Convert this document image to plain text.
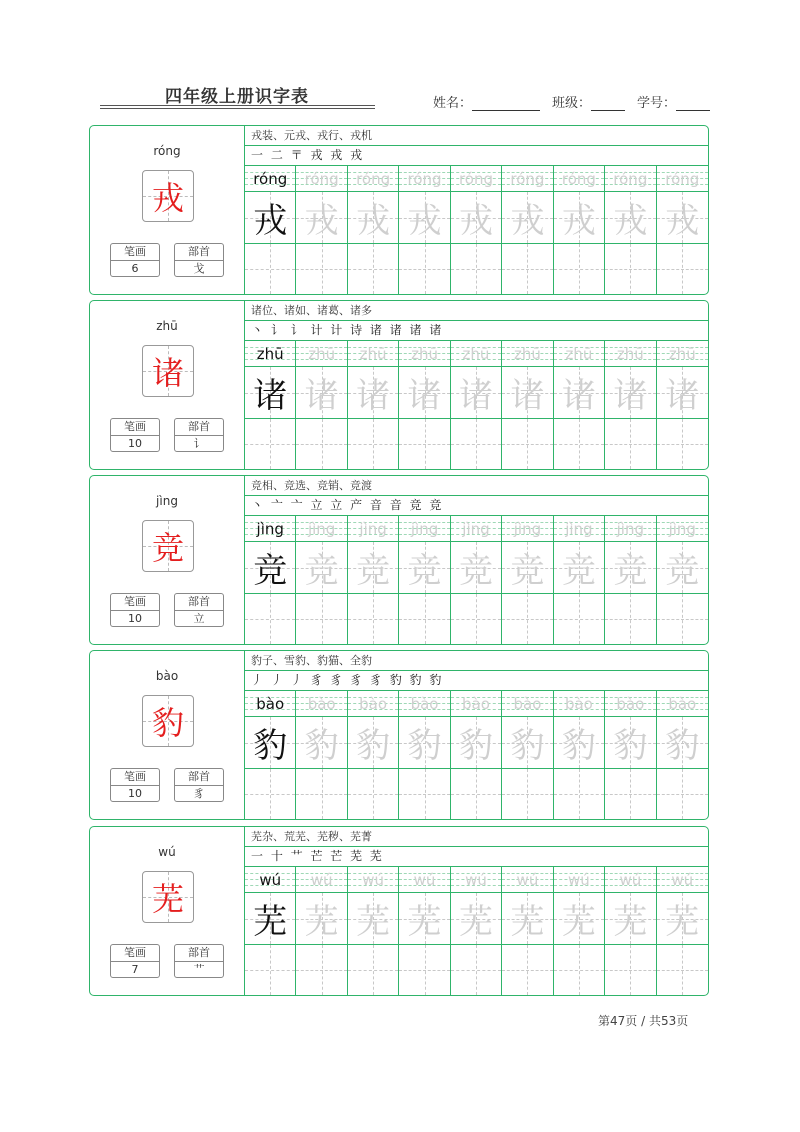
四年级上册识字表	姓名：	班级：	学号：
róng
戎
笔画
6
部首
戈
戎装、元戎、戎行、戎机
一 二 〒 戎 戎 戎
róng
戎
róng
戎
róng
戎
róng
戎
róng
戎
róng
戎
róng
戎
róng
戎
róng
戎
zhū
诸
笔画
10
部首
讠
诸位、诸如、诸葛、诸多
丶 讠 讠 计 计 诗 诸 诸 诸 诸
zhū
诸
zhū
诸
zhū
诸
zhū
诸
zhū
诸
zhū
诸
zhū
诸
zhū
诸
zhū
诸
jìng
竞
笔画
10
部首
立
竞相、竞选、竞销、竞渡
丶 亠 亠 立 立 产 音 音 竞 竞
jìng
竞
jìng
竞
jìng
竞
jìng
竞
jìng
竞
jìng
竞
jìng
竞
jìng
竞
jìng
竞
bào
豹
笔画
10
部首
豸
豹子、雪豹、豹猫、全豹
丿 丿 丿 豸 豸 豸 豸 豹 豹 豹
bào
豹
bào
豹
bào
豹
bào
豹
bào
豹
bào
豹
bào
豹
bào
豹
bào
豹
wú
芜
笔画
7
部首
艹
芜杂、荒芜、芜秽、芜菁
一 十 艹 芒 芒 芜 芜
wú
芜
wú
芜
wú
芜
wú
芜
wú
芜
wú
芜
wú
芜
wú
芜
wú
芜
第47页 / 共53页
